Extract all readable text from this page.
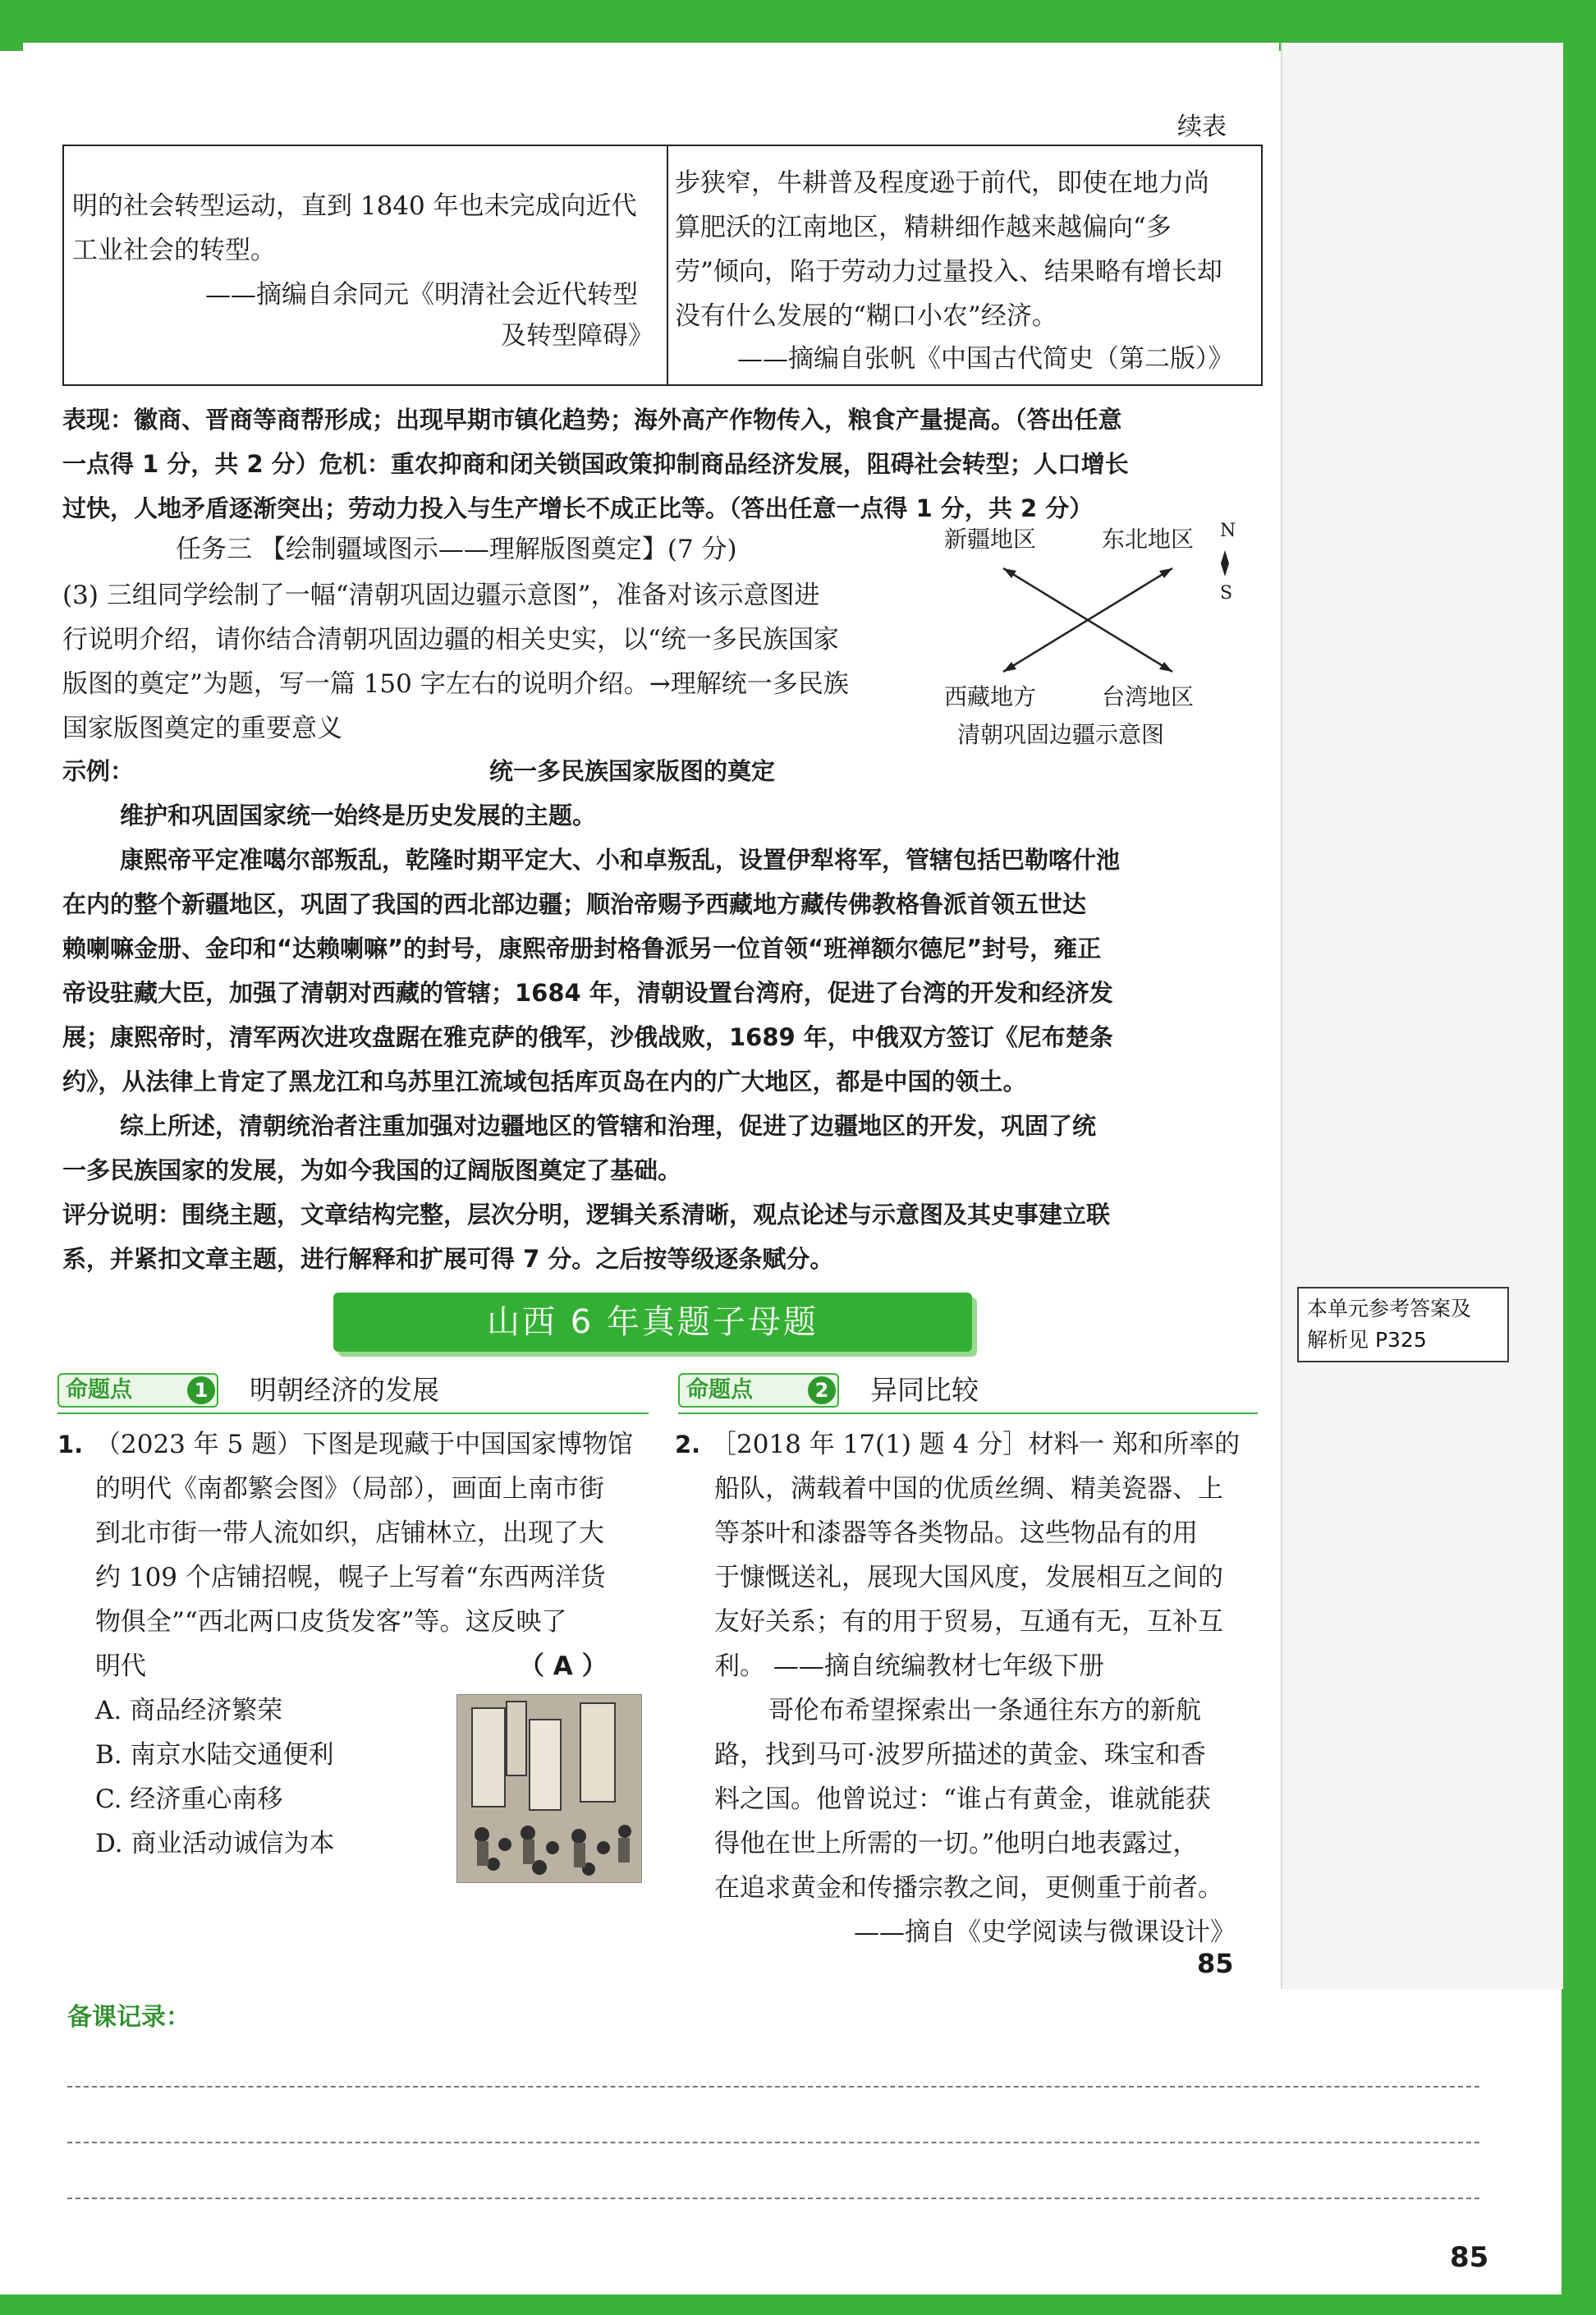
续表
明的社会转型运动，直到 1840 年也未完成向近代
工业社会的转型。
——摘编自余同元《明清社会近代转型
及转型障碍》
步狭窄，牛耕普及程度逊于前代，即使在地力尚
算肥沃的江南地区，精耕细作越来越偏向“多
劳”倾向，陷于劳动力过量投入、结果略有增长却
没有什么发展的“糊口小农”经济。
——摘编自张帆《中国古代简史（第二版）》
表现：徽商、晋商等商帮形成；出现早期市镇化趋势；海外高产作物传入，粮食产量提高。（答出任意
一点得 1 分，共 2 分）危机：重农抑商和闭关锁国政策抑制商品经济发展，阻碍社会转型；人口增长
过快，人地矛盾逐渐突出；劳动力投入与生产增长不成正比等。（答出任意一点得 1 分，共 2 分）
任务三 【绘制疆域图示——理解版图奠定】(7 分)
(3) 三组同学绘制了一幅“清朝巩固边疆示意图”，准备对该示意图进
行说明介绍，请你结合清朝巩固边疆的相关史实，以“统一多民族国家
版图的奠定”为题，写一篇 150 字左右的说明介绍。→理解统一多民族
国家版图奠定的重要意义
新疆地区	东北地区
西藏地方	台湾地区
N
S
清朝巩固边疆示意图
示例：	统一多民族国家版图的奠定
维护和巩固国家统一始终是历史发展的主题。
康熙帝平定准噶尔部叛乱，乾隆时期平定大、小和卓叛乱，设置伊犁将军，管辖包括巴勒喀什池
在内的整个新疆地区，巩固了我国的西北部边疆；顺治帝赐予西藏地方藏传佛教格鲁派首领五世达
赖喇嘛金册、金印和“达赖喇嘛”的封号，康熙帝册封格鲁派另一位首领“班禅额尔德尼”封号，雍正
帝设驻藏大臣，加强了清朝对西藏的管辖；1684 年，清朝设置台湾府，促进了台湾的开发和经济发
展；康熙帝时，清军两次进攻盘踞在雅克萨的俄军，沙俄战败，1689 年，中俄双方签订《尼布楚条
约》，从法律上肯定了黑龙江和乌苏里江流域包括库页岛在内的广大地区，都是中国的领土。
综上所述，清朝统治者注重加强对边疆地区的管辖和治理，促进了边疆地区的开发，巩固了统
一多民族国家的发展，为如今我国的辽阔版图奠定了基础。
评分说明：围绕主题，文章结构完整，层次分明，逻辑关系清晰，观点论述与示意图及其史事建立联
系，并紧扣文章主题，进行解释和扩展可得 7 分。之后按等级逐条赋分。
本单元参考答案及
解析见 P325
山西 6 年真题子母题
命题点	1 明朝经济的发展
1. （2023 年 5 题）下图是现藏于中国国家博物馆
的明代《南都繁会图》（局部），画面上南市街
到北市街一带人流如织，店铺林立，出现了大
约 109 个店铺招幌，幌子上写着“东西两洋货
物俱全”“西北两口皮货发客”等。这反映了
明代	（ A ）
A. 商品经济繁荣
B. 南京水陆交通便利
C. 经济重心南移
D. 商业活动诚信为本
命题点	2 异同比较
2. ［2018 年 17(1) 题 4 分］材料一 郑和所率的
船队，满载着中国的优质丝绸、精美瓷器、上
等茶叶和漆器等各类物品。这些物品有的用
于慷慨送礼，展现大国风度，发展相互之间的
友好关系；有的用于贸易，互通有无，互补互
利。 ——摘自统编教材七年级下册
哥伦布希望探索出一条通往东方的新航
路，找到马可·波罗所描述的黄金、珠宝和香
料之国。他曾说过：“谁占有黄金，谁就能获
得他在世上所需的一切。”他明白地表露过，
在追求黄金和传播宗教之间，更侧重于前者。
——摘自《史学阅读与微课设计》
85
备课记录：
85
